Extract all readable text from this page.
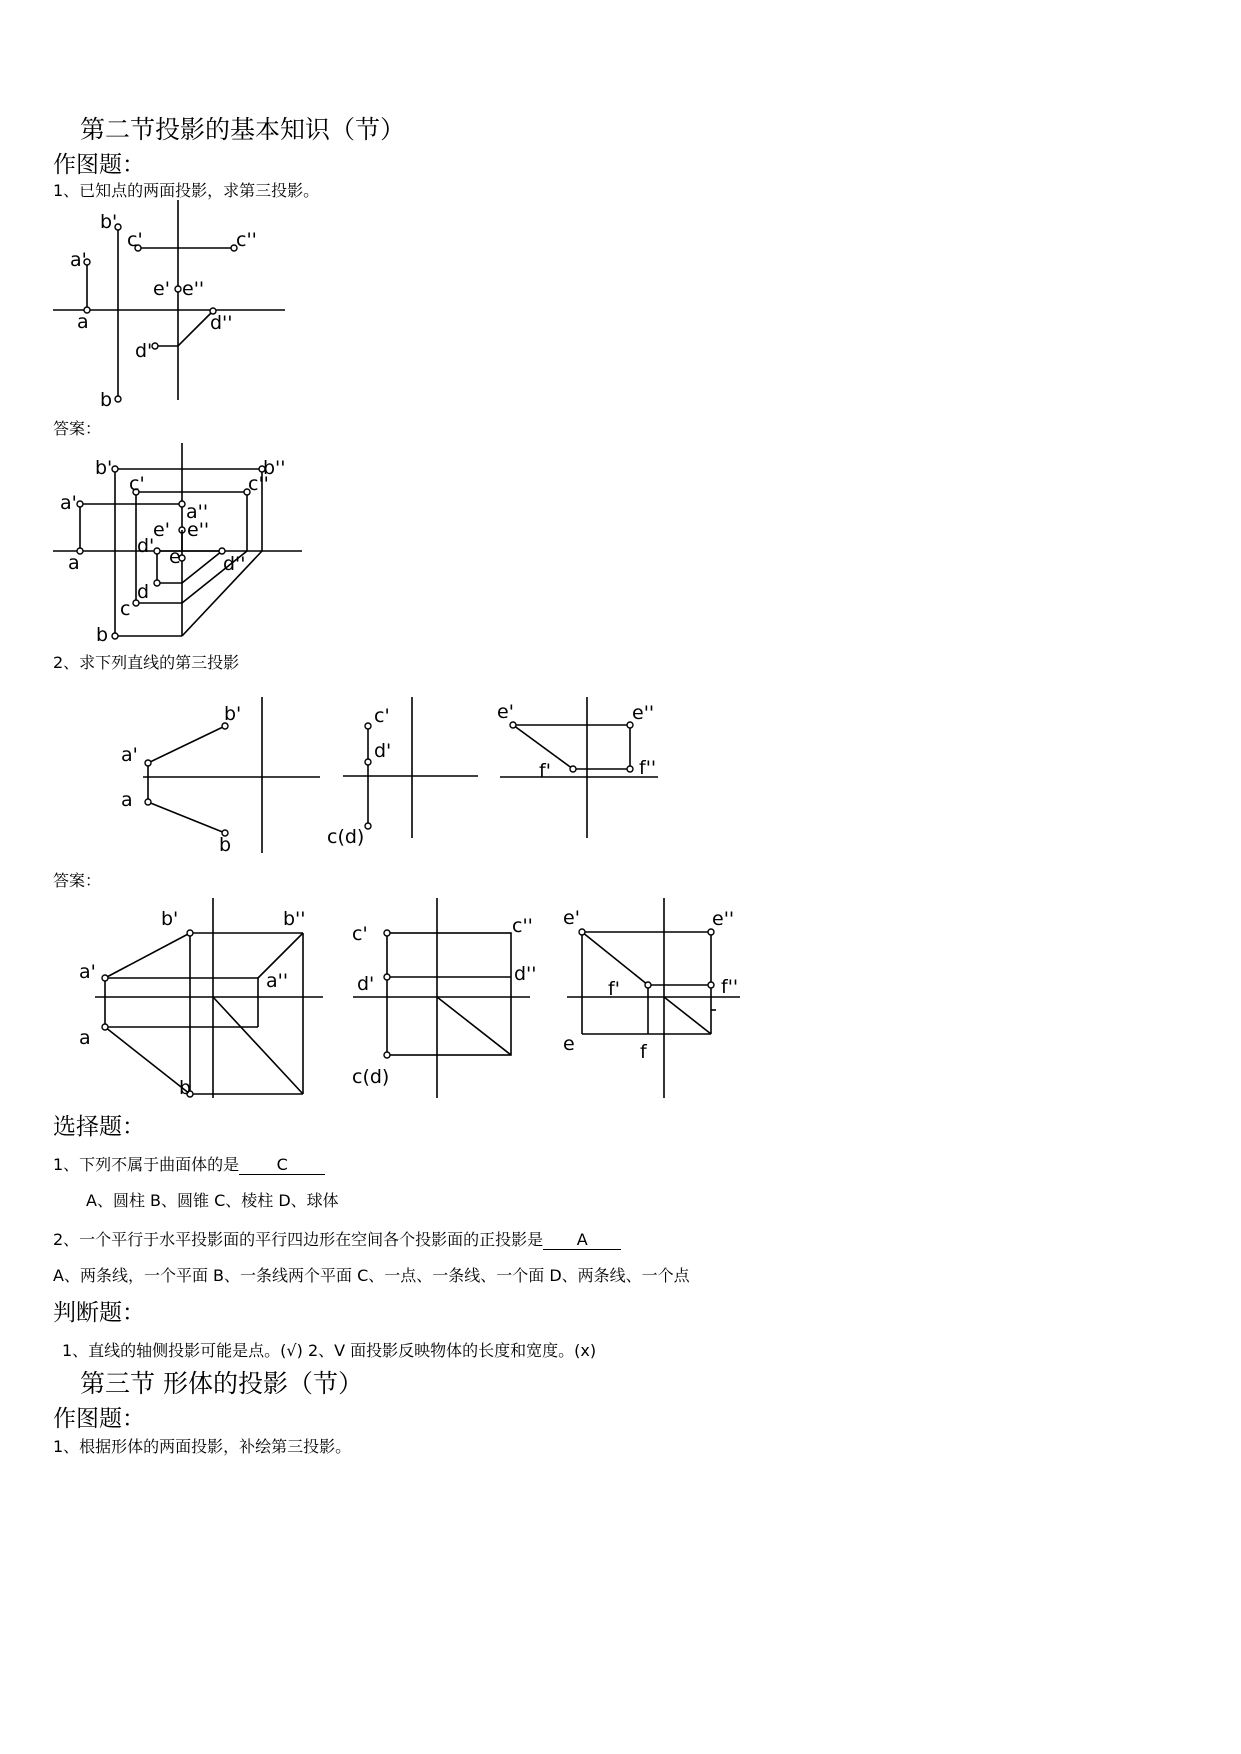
第二节投影的基本知识（节）
作图题：
1、已知点的两面投影，求第三投影。
a'
a
b'
b
c'	c''
e' e''
d'
d''
答案：
b'	b''
c'	c''
a'	a''
e' e''
d' e
a	d''
d
c
b
2、求下列直线的第三投影
b'
a'
a
b
c'
d'
c(d)
e'	e''
f'	f''
答案：
b'	b''
a'	a''
a
b
c'	c''
d'	d''
c(d)
e'	e''
f'	f''
e	f
选择题：
1、下列不属于曲面体的是 C
A、圆柱 B、圆锥 C、棱柱 D、球体
2、一个平行于水平投影面的平行四边形在空间各个投影面的正投影是 A
A、两条线，一个平面 B、一条线两个平面 C、一点、一条线、一个面 D、两条线、一个点
判断题：
1、直线的轴侧投影可能是点。(√) 2、V 面投影反映物体的长度和宽度。(x)
第三节 形体的投影（节）
作图题：
1、根据形体的两面投影，补绘第三投影。
